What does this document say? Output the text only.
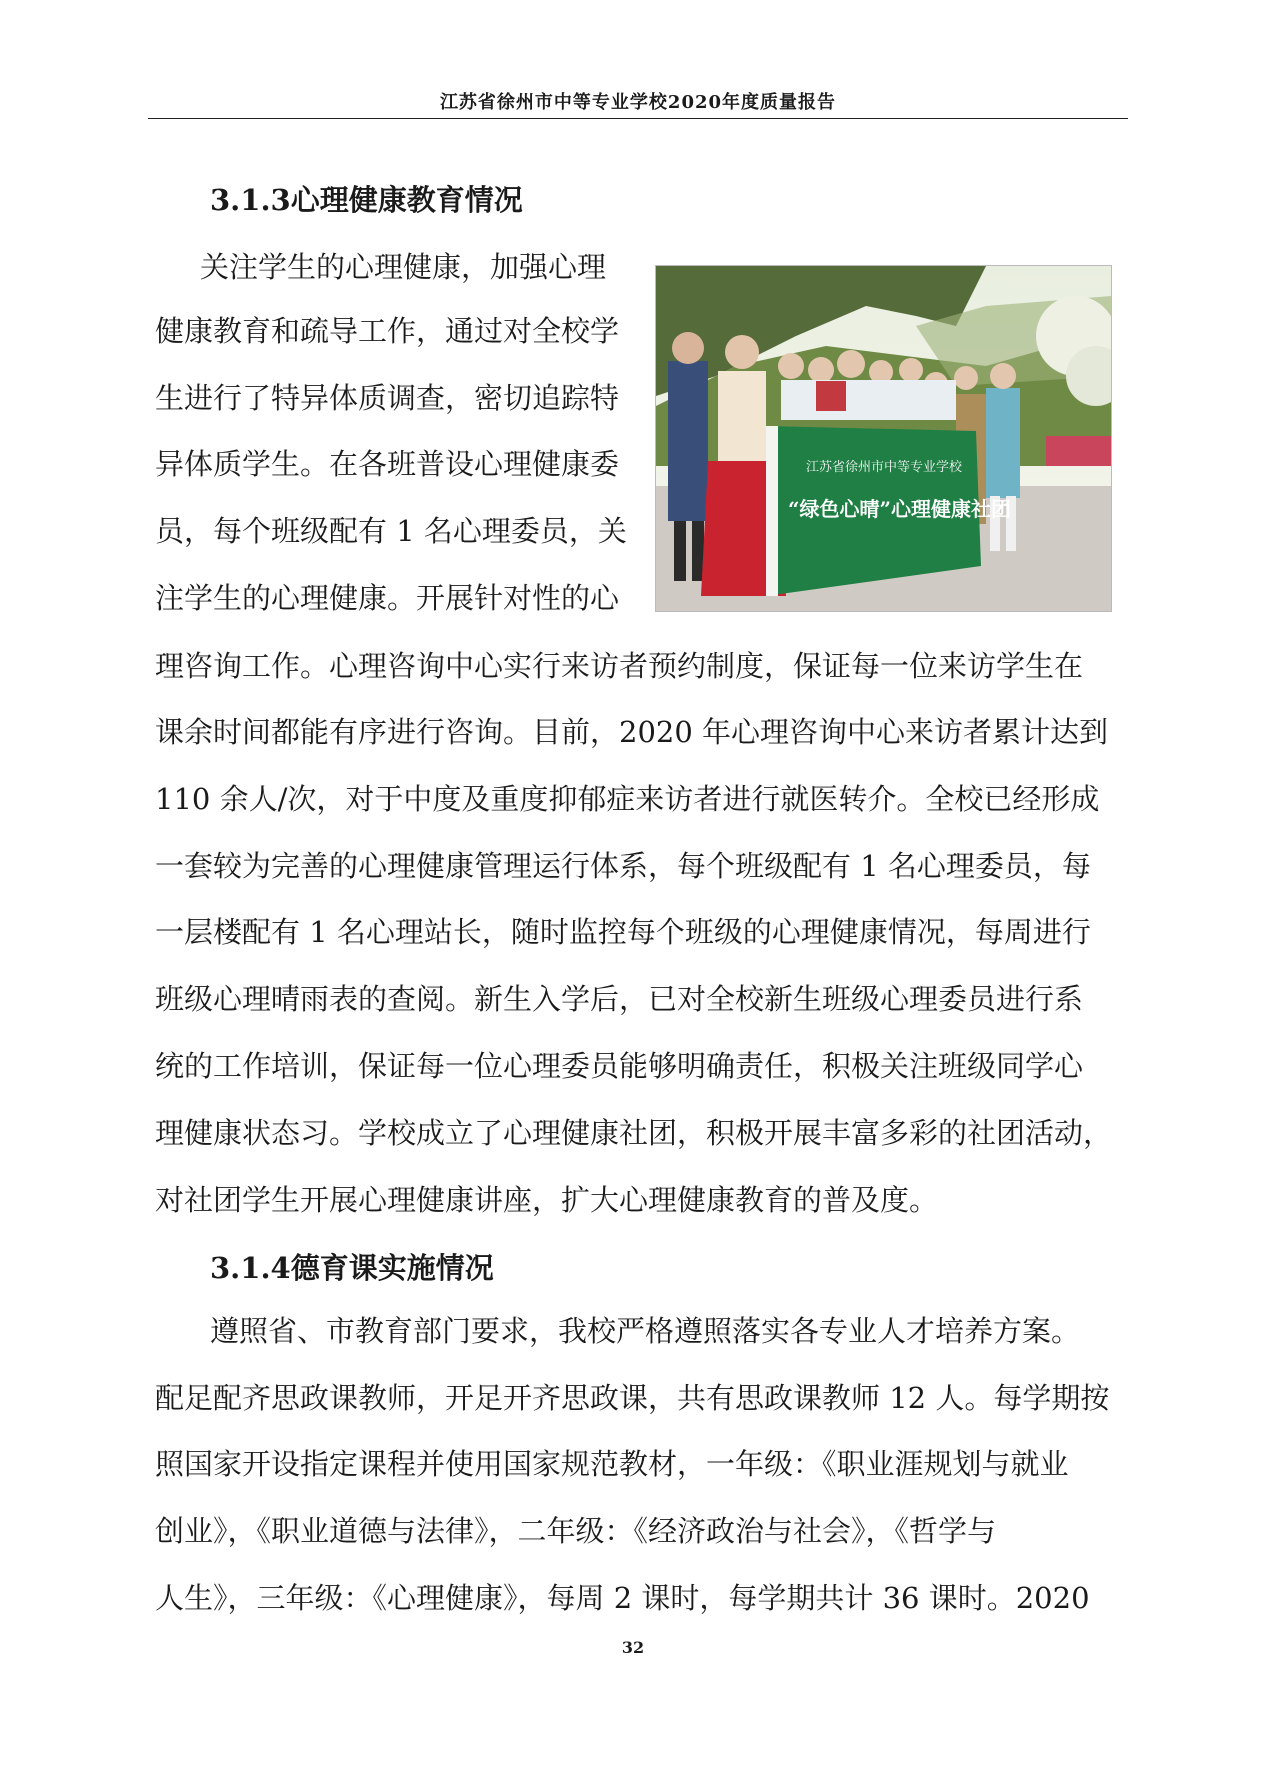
江苏省徐州市中等专业学校2020年度质量报告
3.1.3心理健康教育情况
关注学生的心理健康，加强心理
健康教育和疏导工作，通过对全校学
生进行了特异体质调查，密切追踪特
异体质学生。在各班普设心理健康委
员，每个班级配有 1 名心理委员，关
注学生的心理健康。开展针对性的心
理咨询工作。心理咨询中心实行来访者预约制度，保证每一位来访学生在
课余时间都能有序进行咨询。目前，2020 年心理咨询中心来访者累计达到
110 余人/次，对于中度及重度抑郁症来访者进行就医转介。全校已经形成
一套较为完善的心理健康管理运行体系，每个班级配有 1 名心理委员，每
一层楼配有 1 名心理站长，随时监控每个班级的心理健康情况，每周进行
班级心理晴雨表的查阅。新生入学后，已对全校新生班级心理委员进行系
统的工作培训，保证每一位心理委员能够明确责任，积极关注班级同学心
理健康状态习。学校成立了心理健康社团，积极开展丰富多彩的社团活动，
对社团学生开展心理健康讲座，扩大心理健康教育的普及度。
江苏省徐州市中等专业学校
“绿色心晴”心理健康社团
3.1.4德育课实施情况
遵照省、市教育部门要求，我校严格遵照落实各专业人才培养方案。
配足配齐思政课教师，开足开齐思政课，共有思政课教师 12 人。每学期按
照国家开设指定课程并使用国家规范教材，一年级：《职业涯规划与就业
创业》，《职业道德与法律》，二年级：《经济政治与社会》，《哲学与
人生》，三年级：《心理健康》，每周 2 课时，每学期共计 36 课时。2020
32
